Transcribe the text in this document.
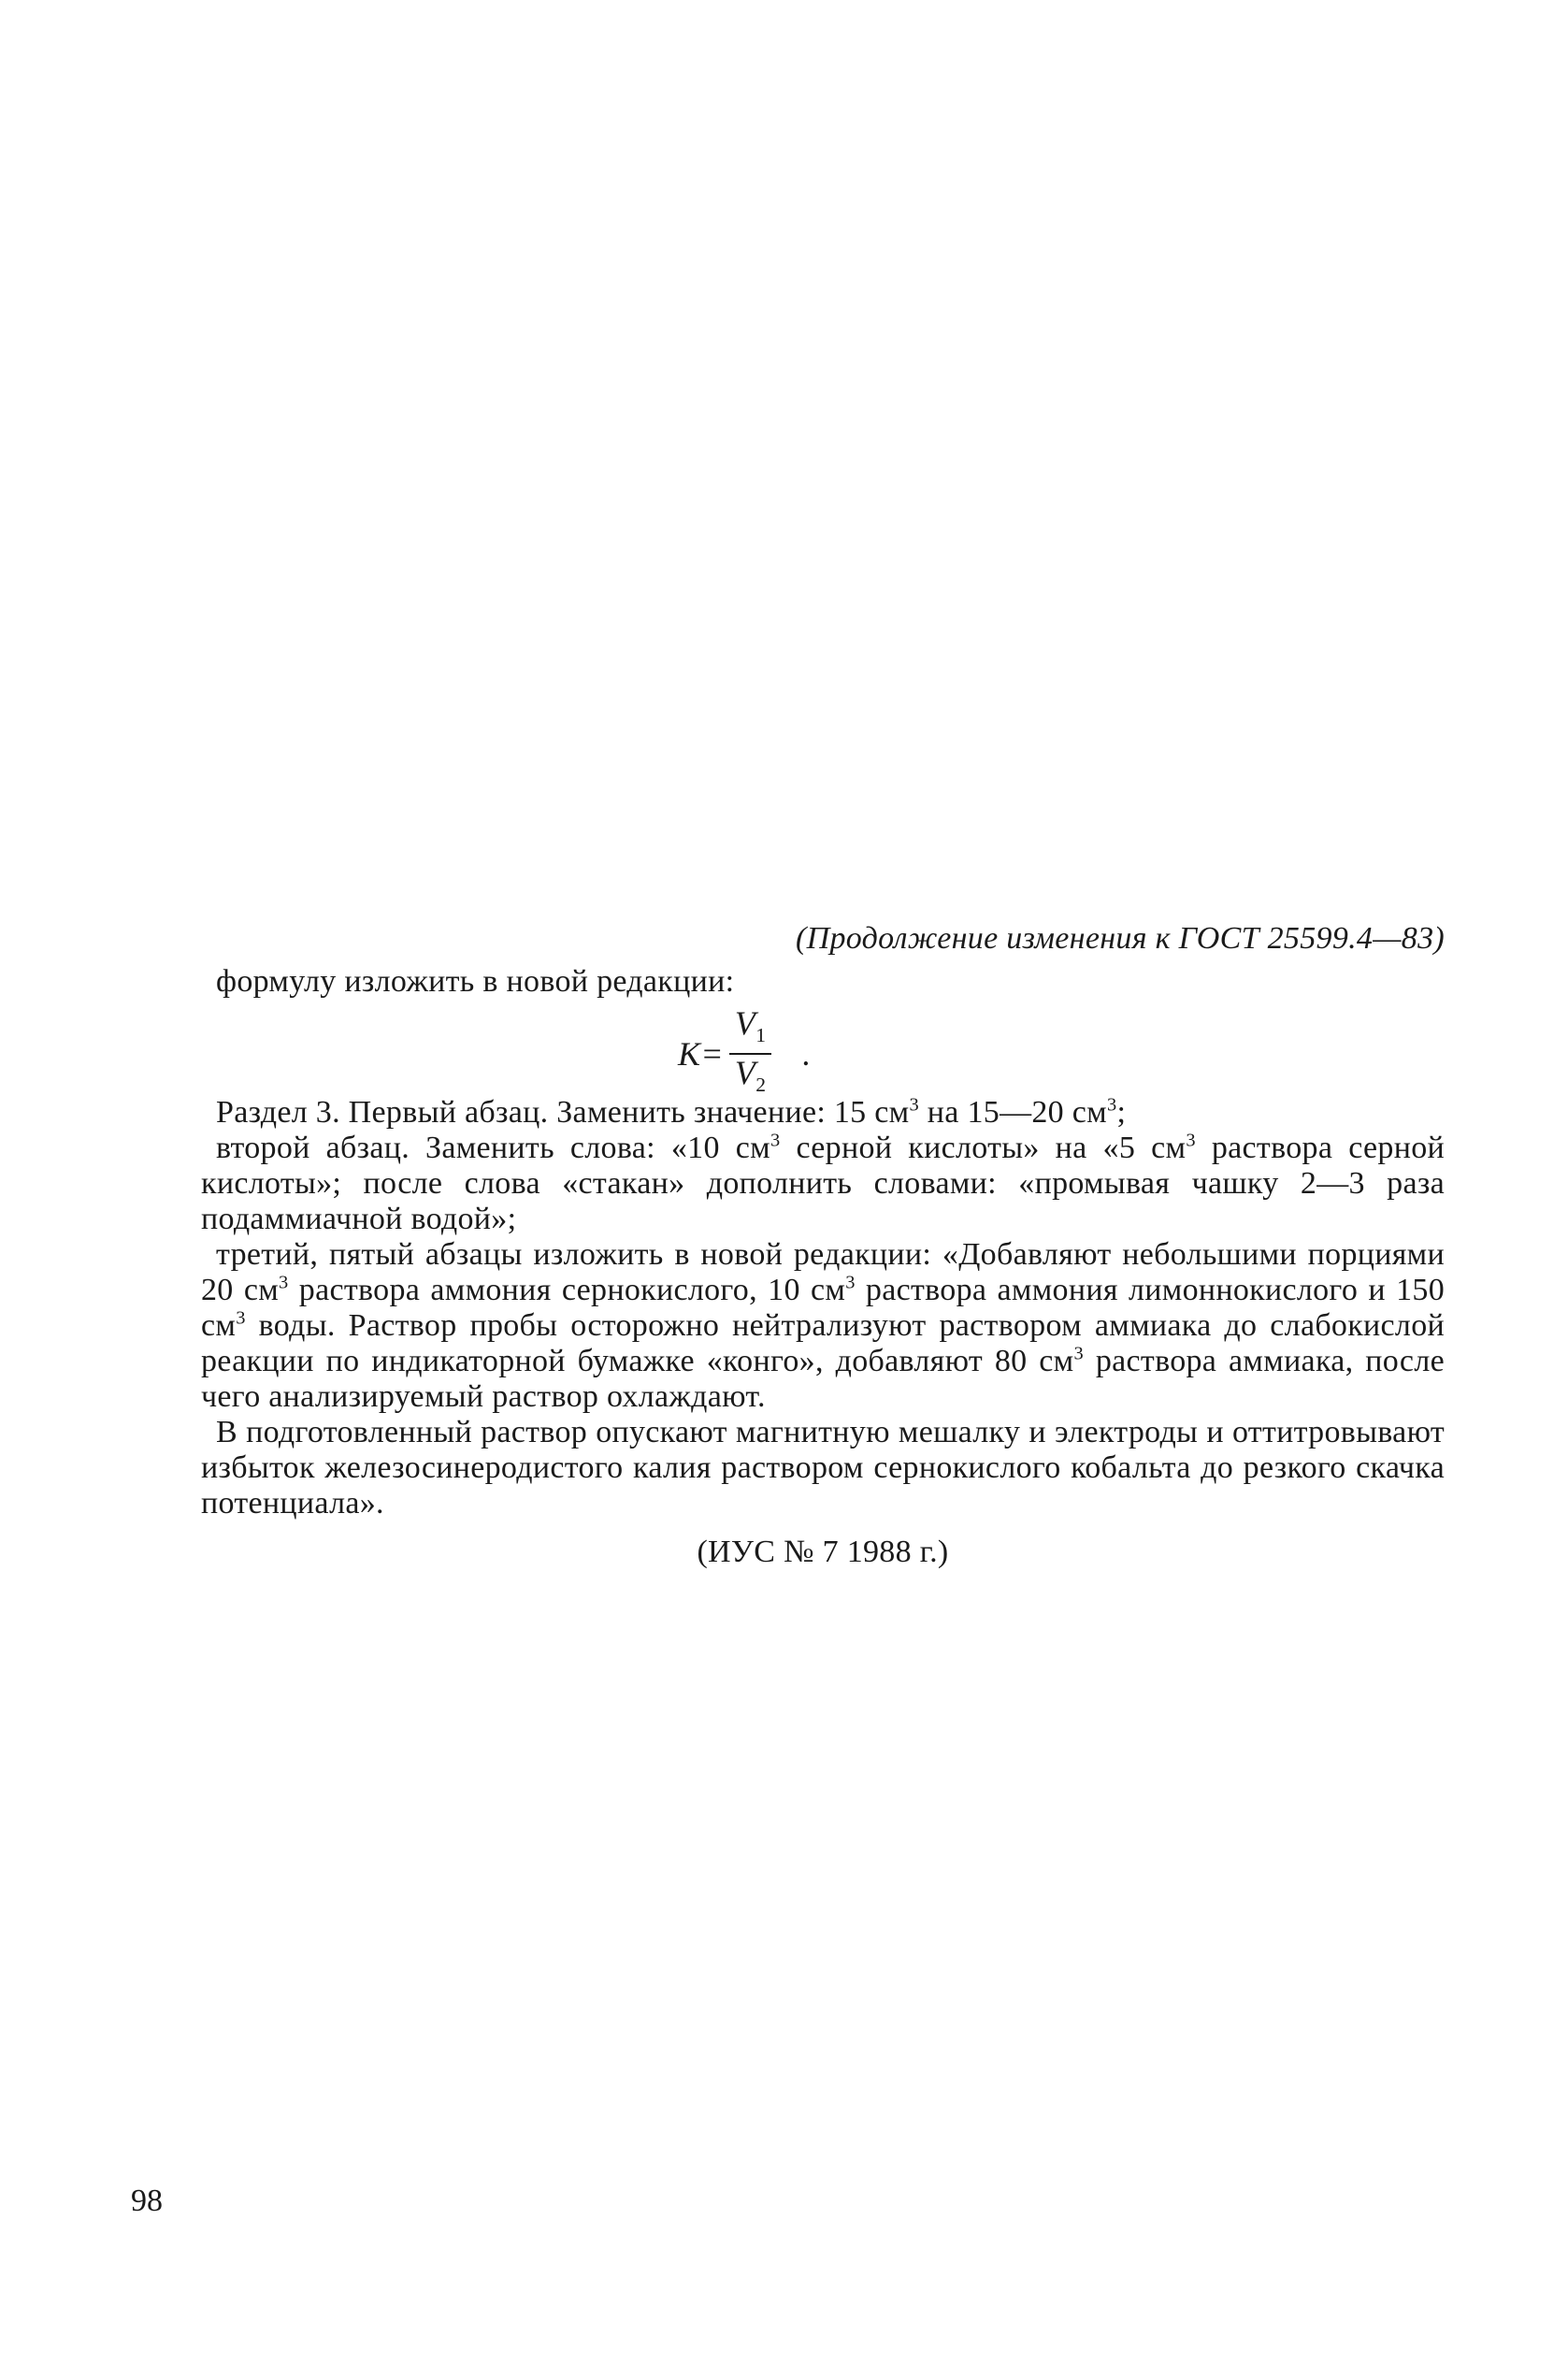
(Продолжение изменения к ГОСТ 25599.4—83)

формулу изложить в новой редакции:

$K= \frac{V_1}{V_2}$ .

Раздел 3. Первый абзац. Заменить значение: 15 $см^3$ на 15—20 $см^3$;

второй абзац. Заменить слова: «10 $см^3$ серной кислоты» на «5 $см^3$ раствора серной кислоты»; после слова «стакан» дополнить словами: «промывая чашку 2—3 раза подаммиачной водой»;

третий, пятый абзацы изложить в новой редакции: «Добавляют небольшими порциями 20 $см^3$ раствора аммония сернокислого, 10 $см^3$ раствора аммония лимоннокислого и 150 $см^3$ воды. Раствор пробы осторожно нейтрализуют раствором аммиака до слабокислой реакции по индикаторной бумажке «конго», добавляют 80 $см^3$ раствора аммиака, после чего анализируемый раствор охлаждают.

В подготовленный раствор опускают магнитную мешалку и электроды и оттитровывают избыток железосинеродистого калия раствором сернокислого кобальта до резкого скачка потенциала».

(ИУС № 7 1988 г.)

98
